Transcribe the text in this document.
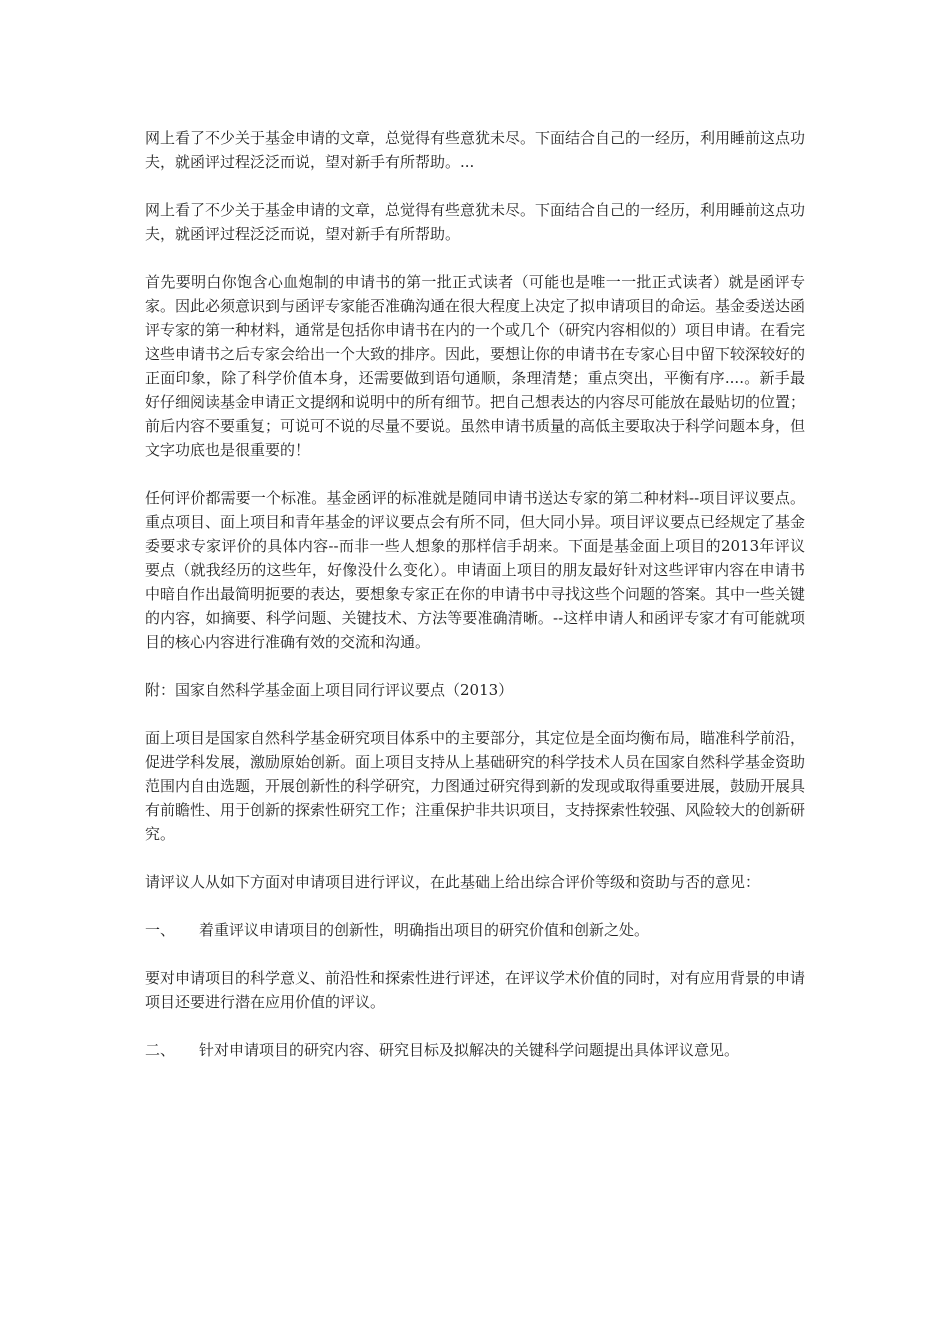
网上看了不少关于基金申请的文章，总觉得有些意犹未尽。下面结合自己的一经历，利用睡前这点功夫，就函评过程泛泛而说，望对新手有所帮助。...

网上看了不少关于基金申请的文章，总觉得有些意犹未尽。下面结合自己的一经历，利用睡前这点功夫，就函评过程泛泛而说，望对新手有所帮助。

首先要明白你饱含心血炮制的申请书的第一批正式读者（可能也是唯一一批正式读者）就是函评专家。因此必须意识到与函评专家能否准确沟通在很大程度上决定了拟申请项目的命运。基金委送达函评专家的第一种材料，通常是包括你申请书在内的一个或几个（研究内容相似的）项目申请。在看完这些申请书之后专家会给出一个大致的排序。因此，要想让你的申请书在专家心目中留下较深较好的正面印象，除了科学价值本身，还需要做到语句通顺，条理清楚；重点突出，平衡有序....。新手最好仔细阅读基金申请正文提纲和说明中的所有细节。把自己想表达的内容尽可能放在最贴切的位置；前后内容不要重复；可说可不说的尽量不要说。虽然申请书质量的高低主要取决于科学问题本身，但文字功底也是很重要的！

任何评价都需要一个标准。基金函评的标准就是随同申请书送达专家的第二种材料--项目评议要点。重点项目、面上项目和青年基金的评议要点会有所不同，但大同小异。项目评议要点已经规定了基金委要求专家评价的具体内容--而非一些人想象的那样信手胡来。下面是基金面上项目的2013年评议要点（就我经历的这些年，好像没什么变化）。申请面上项目的朋友最好针对这些评审内容在申请书中暗自作出最简明扼要的表达，要想象专家正在你的申请书中寻找这些个问题的答案。其中一些关键的内容，如摘要、科学问题、关键技术、方法等要准确清晰。--这样申请人和函评专家才有可能就项目的核心内容进行准确有效的交流和沟通。

附：国家自然科学基金面上项目同行评议要点（2013）

面上项目是国家自然科学基金研究项目体系中的主要部分，其定位是全面均衡布局，瞄准科学前沿，促进学科发展，激励原始创新。面上项目支持从上基础研究的科学技术人员在国家自然科学基金资助范围内自由选题，开展创新性的科学研究，力图通过研究得到新的发现或取得重要进展，鼓励开展具有前瞻性、用于创新的探索性研究工作；注重保护非共识项目，支持探索性较强、风险较大的创新研究。

请评议人从如下方面对申请项目进行评议，在此基础上给出综合评价等级和资助与否的意见：

一、 着重评议申请项目的创新性，明确指出项目的研究价值和创新之处。

要对申请项目的科学意义、前沿性和探索性进行评述，在评议学术价值的同时，对有应用背景的申请项目还要进行潜在应用价值的评议。

二、 针对申请项目的研究内容、研究目标及拟解决的关键科学问题提出具体评议意见。
